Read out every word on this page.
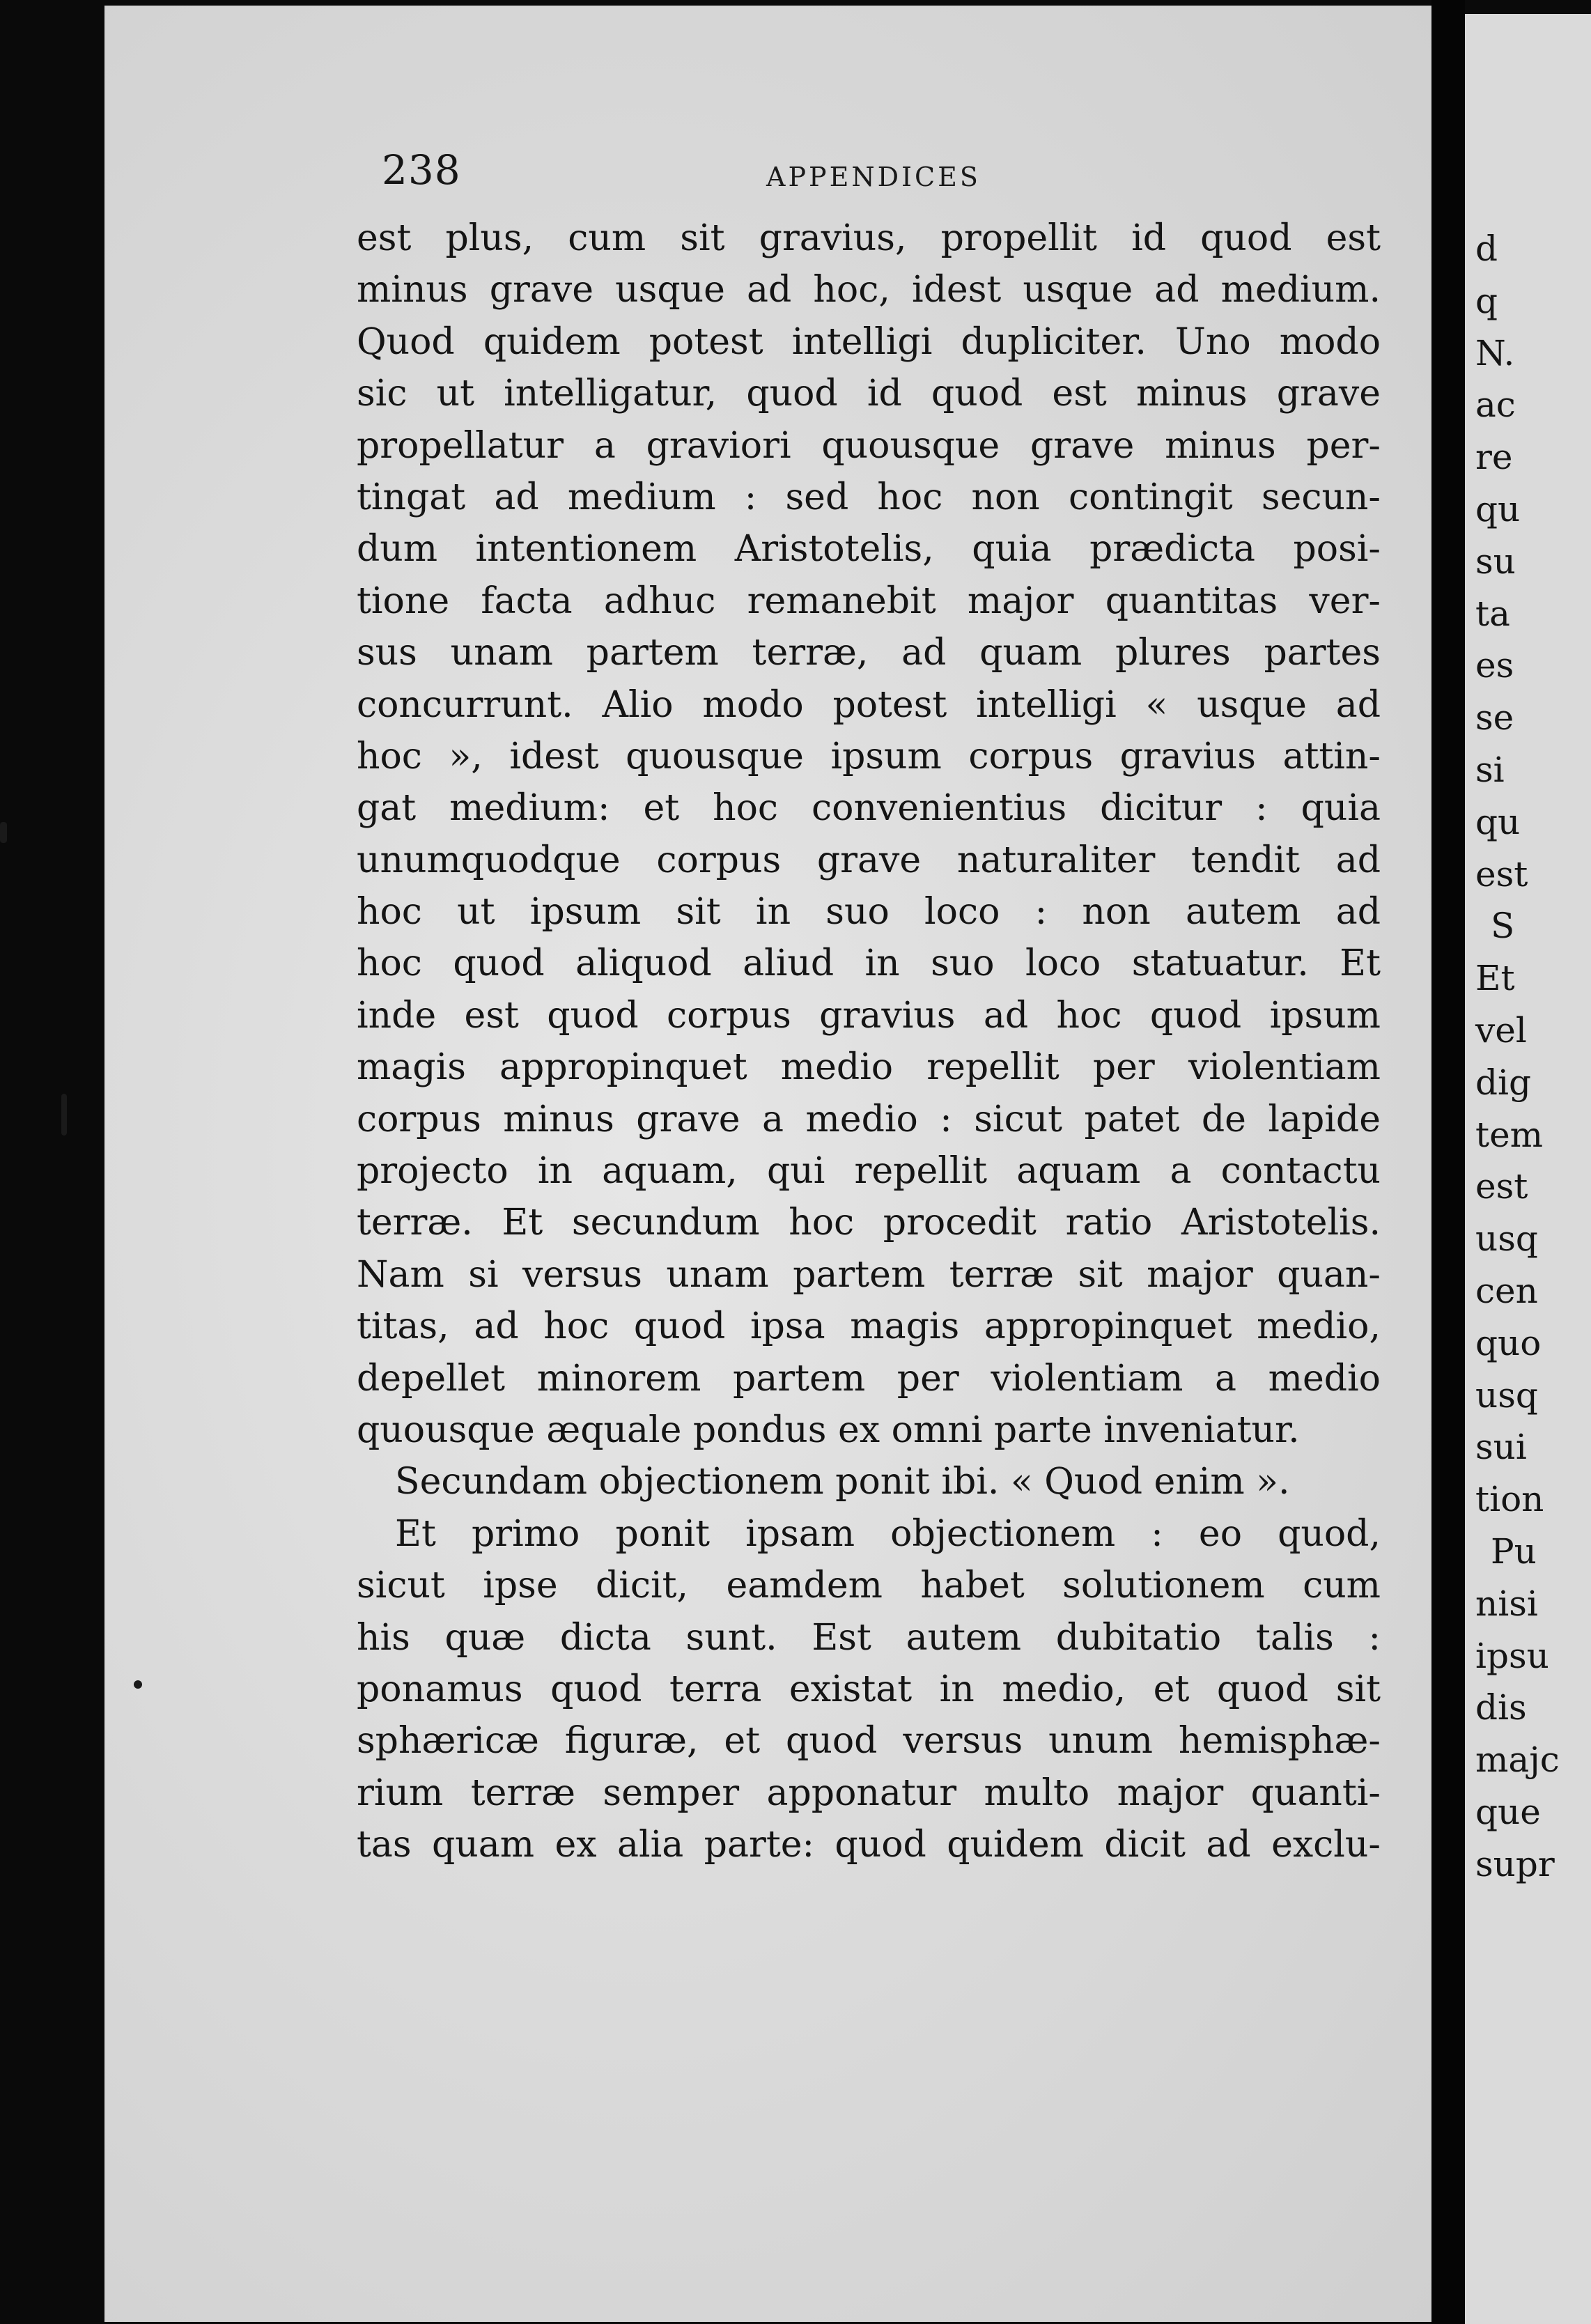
238	APPENDICES
est plus, cum sit gravius, propellit id quod est
minus grave usque ad hoc, idest usque ad medium.
Quod quidem potest intelligi dupliciter. Uno modo
sic ut intelligatur, quod id quod est minus grave
propellatur a graviori quousque grave minus per-
tingat ad medium : sed hoc non contingit secun-
dum intentionem Aristotelis, quia prædicta posi-
tione facta adhuc remanebit major quantitas ver-
sus unam partem terræ, ad quam plures partes
concurrunt. Alio modo potest intelligi « usque ad
hoc », idest quousque ipsum corpus gravius attin-
gat medium: et hoc convenientius dicitur : quia
unumquodque corpus grave naturaliter tendit ad
hoc ut ipsum sit in suo loco : non autem ad
hoc quod aliquod aliud in suo loco statuatur. Et
inde est quod corpus gravius ad hoc quod ipsum
magis appropinquet medio repellit per violentiam
corpus minus grave a medio : sicut patet de lapide
projecto in aquam, qui repellit aquam a contactu
terræ. Et secundum hoc procedit ratio Aristotelis.
Nam si versus unam partem terræ sit major quan-
titas, ad hoc quod ipsa magis appropinquet medio,
depellet minorem partem per violentiam a medio
quousque æquale pondus ex omni parte inveniatur.
Secundam objectionem ponit ibi. « Quod enim ».
Et primo ponit ipsam objectionem : eo quod,
sicut ipse dicit, eamdem habet solutionem cum
his quæ dicta sunt. Est autem dubitatio talis :
ponamus quod terra existat in medio, et quod sit
sphæricæ figuræ, et quod versus unum hemisphæ-
rium terræ semper apponatur multo major quanti-
tas quam ex alia parte: quod quidem dicit ad exclu-
d
q
N.
ac
re
qu
su
ta
es
se
si
qu
est
S
Et
vel
dig
tem
est
usq
cen
quo
usq
sui
tion
Pu
nisi
ipsu
dis
majc
que
supr
